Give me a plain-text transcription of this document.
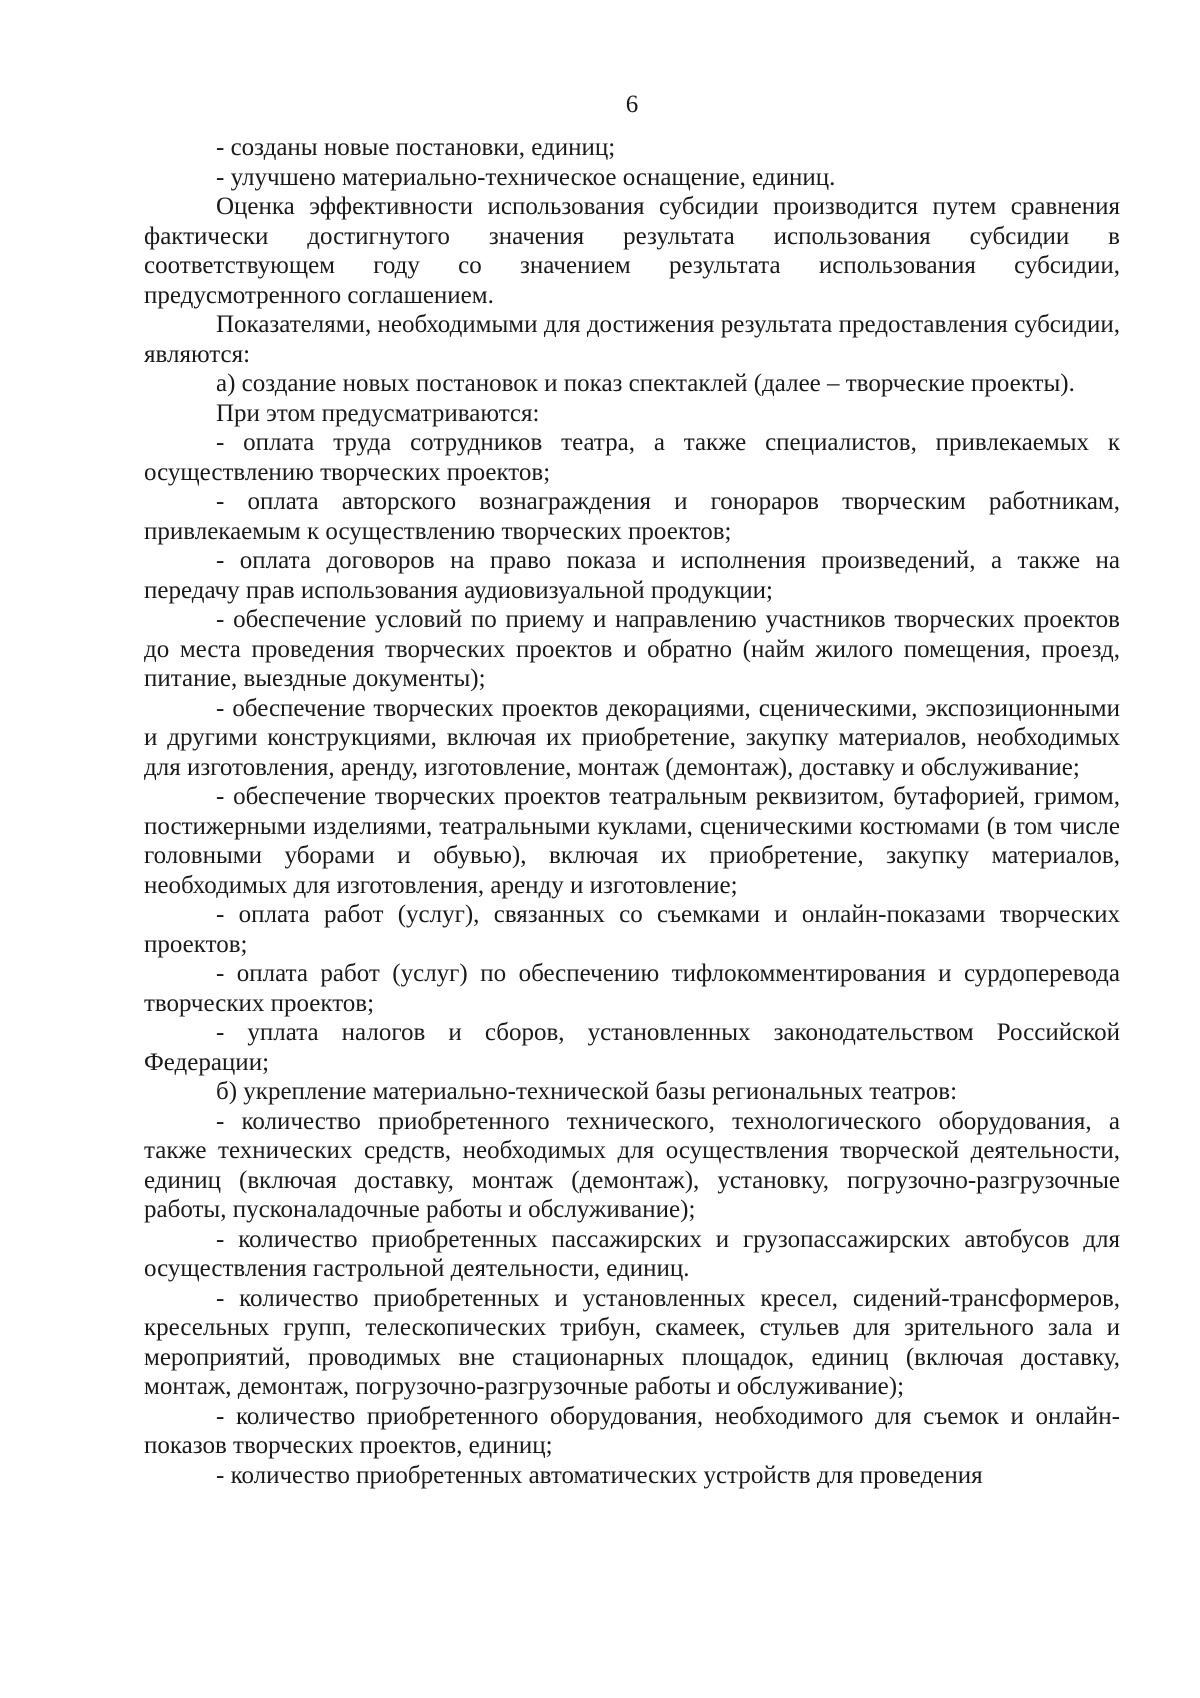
6

- созданы новые постановки, единиц;

- улучшено материально-техническое оснащение, единиц.

Оценка эффективности использования субсидии производится путем сравнения фактически достигнутого значения результата использования субсидии в соответствующем году со значением результата использования субсидии, предусмотренного соглашением.

Показателями, необходимыми для достижения результата предоставления субсидии, являются:

а) создание новых постановок и показ спектаклей (далее – творческие проекты).

При этом предусматриваются:

- оплата труда сотрудников театра, а также специалистов, привлекаемых к осуществлению творческих проектов;

- оплата авторского вознаграждения и гонораров творческим работникам, привлекаемым к осуществлению творческих проектов;

- оплата договоров на право показа и исполнения произведений, а также на передачу прав использования аудиовизуальной продукции;

- обеспечение условий по приему и направлению участников творческих проектов до места проведения творческих проектов и обратно (найм жилого помещения, проезд, питание, выездные документы);

- обеспечение творческих проектов декорациями, сценическими, экспозиционными и другими конструкциями, включая их приобретение, закупку материалов, необходимых для изготовления, аренду, изготовление, монтаж (демонтаж), доставку и обслуживание;

- обеспечение творческих проектов театральным реквизитом, бутафорией, гримом, постижерными изделиями, театральными куклами, сценическими костюмами (в том числе головными уборами и обувью), включая их приобретение, закупку материалов, необходимых для изготовления, аренду и изготовление;

- оплата работ (услуг), связанных со съемками и онлайн-показами творческих проектов;

- оплата работ (услуг) по обеспечению тифлокомментирования и сурдоперевода творческих проектов;

- уплата налогов и сборов, установленных законодательством Российской Федерации;

б) укрепление материально-технической базы региональных театров:

- количество приобретенного технического, технологического оборудования, а также технических средств, необходимых для осуществления творческой деятельности, единиц (включая доставку, монтаж (демонтаж), установку, погрузочно-разгрузочные работы, пусконаладочные работы и обслуживание);

- количество приобретенных пассажирских и грузопассажирских автобусов для осуществления гастрольной деятельности, единиц.

- количество приобретенных и установленных кресел, сидений-трансформеров, кресельных групп, телескопических трибун, скамеек, стульев для зрительного зала и мероприятий, проводимых вне стационарных площадок, единиц (включая доставку, монтаж, демонтаж, погрузочно-разгрузочные работы и обслуживание);

- количество приобретенного оборудования, необходимого для съемок и онлайн-показов творческих проектов, единиц;

- количество приобретенных автоматических устройств для проведения
